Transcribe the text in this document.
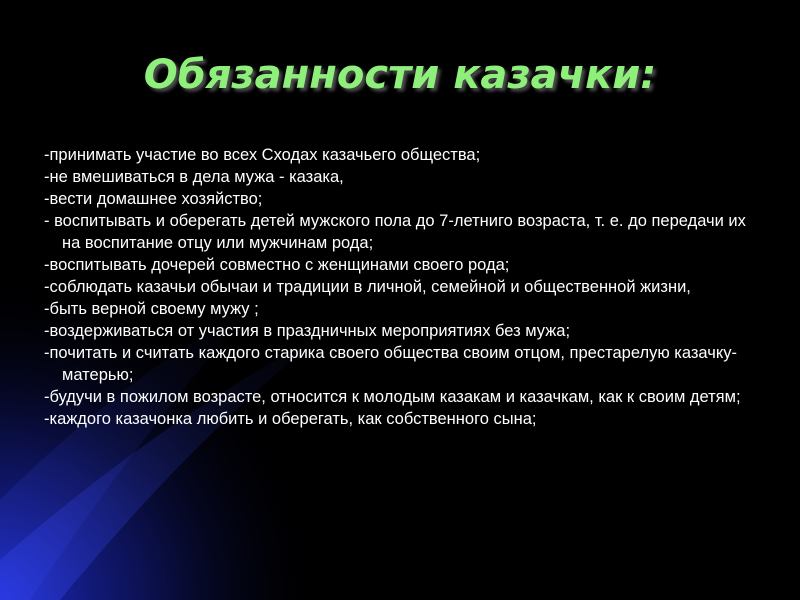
Обязанности казачки:
-принимать участие во всех Сходах казачьего общества;
-не вмешиваться в дела мужа - казака,
-вести домашнее хозяйство;
- воспитывать и оберегать детей мужского пола до 7-летниго возраста, т. е. до передачи их на воспитание отцу или мужчинам рода;
-воспитывать дочерей совместно с женщинами своего рода;
-соблюдать казачьи обычаи и традиции в личной, семейной и общественной жизни,
-быть верной своему мужу ;
-воздерживаться от участия в праздничных мероприятиях без мужа;
-почитать и считать каждого старика своего общества своим отцом, престарелую казачку- матерью;
-будучи в пожилом возрасте, относится к молодым казакам и казачкам, как к своим детям;
-каждого казачонка любить и оберегать, как собственного сына;
